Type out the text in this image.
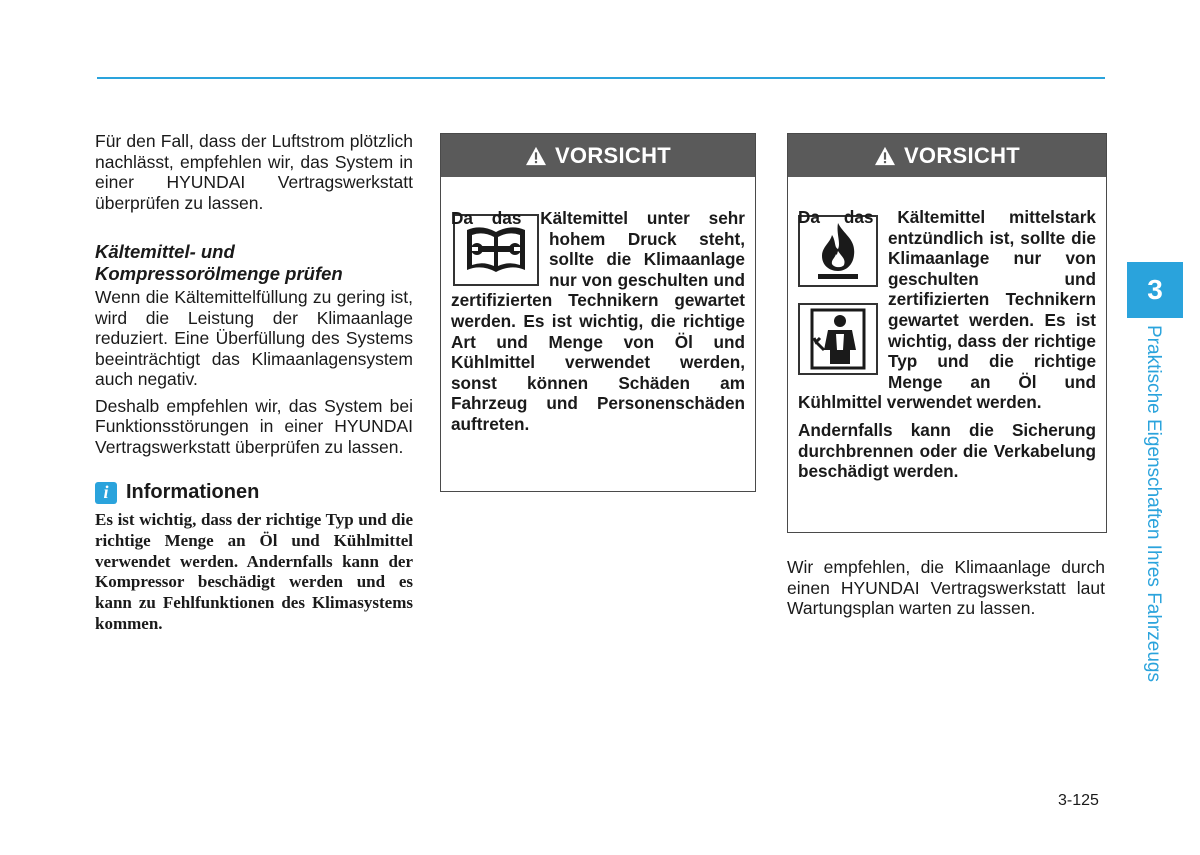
Für den Fall, dass der Luftstrom plötzlich nachlässt, empfehlen wir, das System in einer HYUNDAI Vertragswerkstatt überprüfen zu lassen.

Kältemittel- und
Kompressorölmenge prüfen

Wenn die Kältemittelfüllung zu gering ist, wird die Leistung der Klimaanlage reduziert. Eine Überfüllung des Systems beeinträchtigt das Klimaanlagensystem auch negativ.

Deshalb empfehlen wir, das System bei Funktionsstörungen in einer HYUNDAI Vertragswerkstatt überprüfen zu lassen.

i Informationen

Es ist wichtig, dass der richtige Typ und die richtige Menge an Öl und Kühlmittel verwendet werden. Andernfalls kann der Kompressor beschädigt werden und es kann zu Fehlfunktionen des Klimasystems kommen.

VORSICHT

Da das Kältemittel unter sehr hohem Druck steht, sollte die Klimaanlage nur von geschulten und zertifizierten Technikern gewartet werden. Es ist wichtig, die richtige Art und Menge von Öl und Kühlmittel verwendet werden, sonst können Schäden am Fahrzeug und Personenschäden auftreten.

VORSICHT

Da das Kältemittel mittelstark entzündlich ist, sollte die Klimaanlage nur von geschulten und zertifizierten Technikern gewartet werden. Es ist wichtig, dass der richtige Typ und die richtige Menge an Öl und Kühlmittel verwendet werden.

Andernfalls kann die Sicherung durchbrennen oder die Verkabelung beschädigt werden.

Wir empfehlen, die Klimaanlage durch einen HYUNDAI Vertragswerkstatt laut Wartungsplan warten zu lassen.

3
Praktische Eigenschaften Ihres Fahrzeugs
3-125
